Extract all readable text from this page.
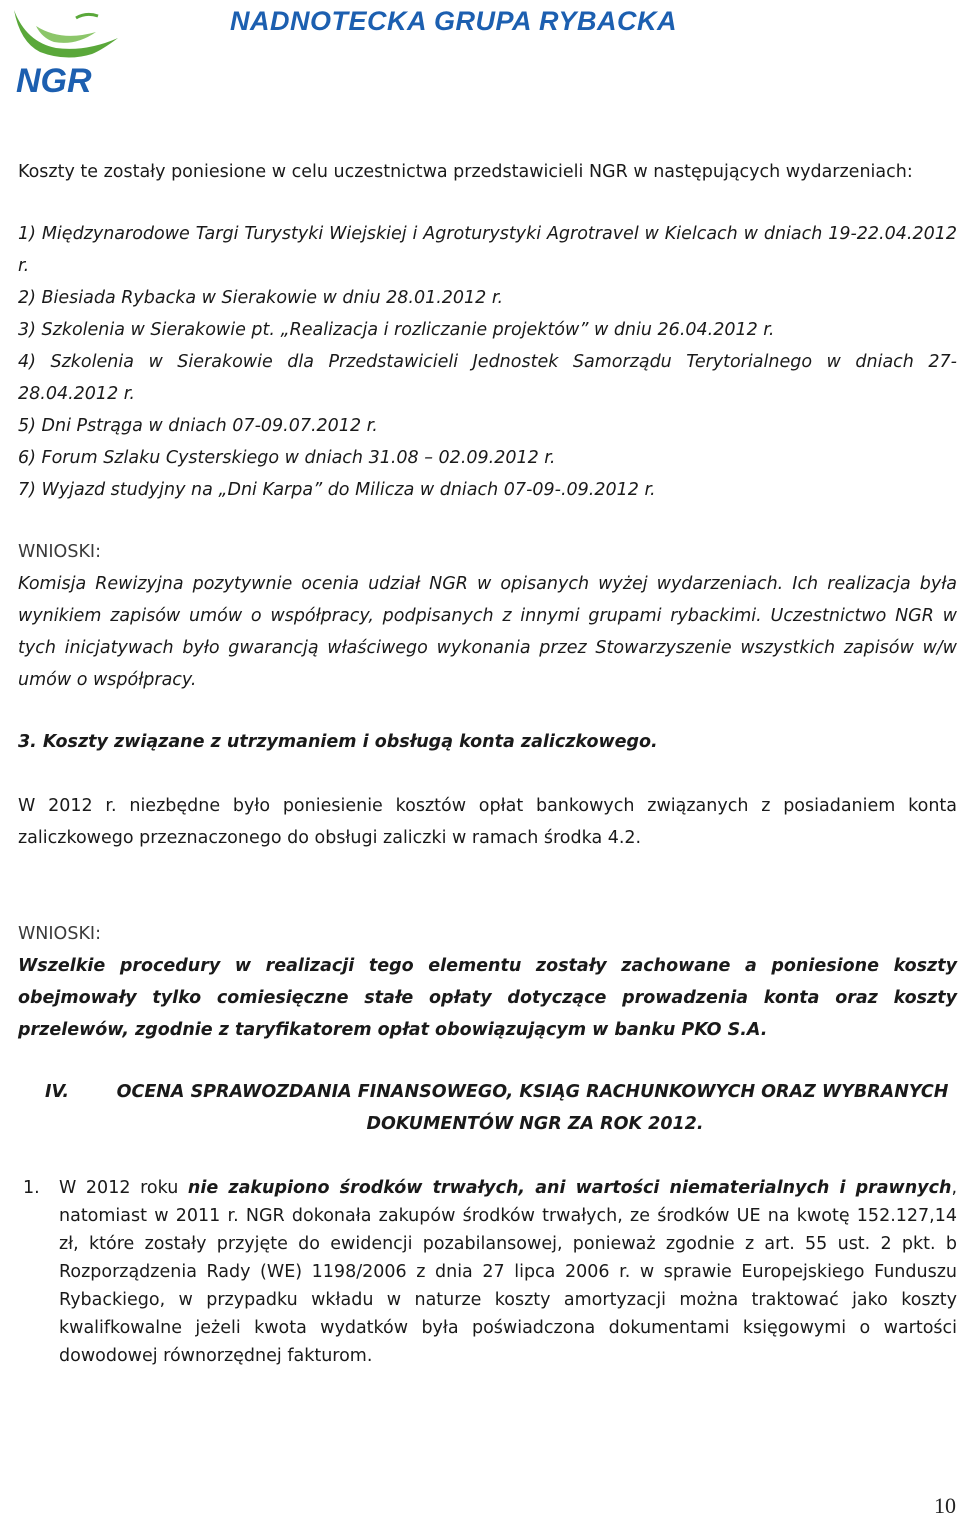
NGR
NADNOTECKA GRUPA RYBACKA

Koszty te zostały poniesione w celu uczestnictwa przedstawicieli NGR w następujących wydarzeniach:

1) Międzynarodowe Targi Turystyki Wiejskiej i Agroturystyki Agrotravel w Kielcach w dniach 19-22.04.2012 r.

2) Biesiada Rybacka w Sierakowie w dniu 28.01.2012 r.

3) Szkolenia w Sierakowie pt. „Realizacja i rozliczanie projektów” w dniu 26.04.2012 r.

4) Szkolenia w Sierakowie dla Przedstawicieli Jednostek Samorządu Terytorialnego w dniach 27-28.04.2012 r.

5) Dni Pstrąga w dniach 07-09.07.2012 r.

6) Forum Szlaku Cysterskiego w dniach 31.08 – 02.09.2012 r.

7) Wyjazd studyjny na „Dni Karpa” do Milicza w dniach 07-09-.09.2012 r.

WNIOSKI:

Komisja Rewizyjna pozytywnie ocenia udział NGR w opisanych wyżej wydarzeniach. Ich realizacja była wynikiem zapisów umów o współpracy, podpisanych z innymi grupami rybackimi. Uczestnictwo NGR w tych inicjatywach było gwarancją właściwego wykonania przez Stowarzyszenie wszystkich zapisów w/w umów o współpracy.

3. Koszty związane z utrzymaniem i obsługą konta zaliczkowego.

W 2012 r. niezbędne było poniesienie kosztów opłat bankowych związanych z posiadaniem konta zaliczkowego przeznaczonego do obsługi zaliczki w ramach środka 4.2.

WNIOSKI:

Wszelkie procedury w realizacji tego elementu zostały zachowane a poniesione koszty obejmowały tylko comiesięczne stałe opłaty dotyczące prowadzenia konta oraz koszty przelewów, zgodnie z taryfikatorem opłat obowiązującym w banku PKO S.A.

IV.	OCENA SPRAWOZDANIA FINANSOWEGO, KSIĄG RACHUNKOWYCH ORAZ WYBRANYCH
DOKUMENTÓW NGR ZA ROK 2012.
1. W 2012 roku nie zakupiono środków trwałych, ani wartości niematerialnych i prawnych, natomiast w 2011 r. NGR dokonała zakupów środków trwałych, ze środków UE na kwotę 152.127,14 zł, które zostały przyjęte do ewidencji pozabilansowej, ponieważ zgodnie z art. 55 ust. 2 pkt. b Rozporządzenia Rady (WE) 1198/2006 z dnia 27 lipca 2006 r. w sprawie Europejskiego Funduszu Rybackiego, w przypadku wkładu w naturze koszty amortyzacji można traktować jako koszty kwalifkowalne jeżeli kwota wydatków była poświadczona dokumentami księgowymi o wartości dowodowej równorzędnej fakturom.

10
